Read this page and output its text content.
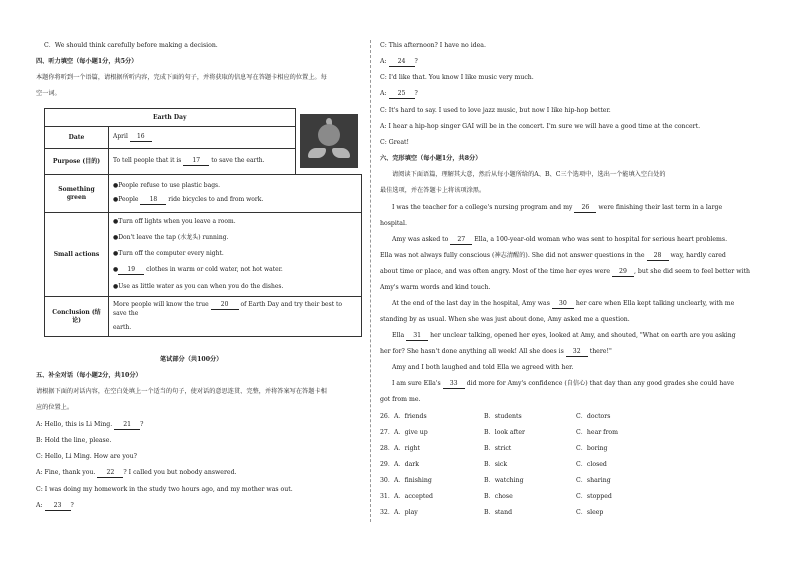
C．We should think carefully before making a decision.
四、听力填空（每小题1分，共5分）
本题你将听到一个语篇，请根据所听内容，完成下面的句子，并将获取的信息写在答题卡相应的位置上。每
空一词。
Earth Day		

Date	April 16	
Purpose (目的)	To tell people that it is 17 to save the earth.	
Something green	●People refuse to use plastic bags.
●People 18 ride bicycles to and from work.	

Small actions	●Turn off lights when you leave a room.
●Don't leave the tap (水龙头) running.
●Turn off the computer every night.
● 19 clothes in warm or cold water, not hot water.
●Use as little water as you can when you do the dishes.	

Conclusion (结论)	More people will know the true 20 of Earth Day and try their best to save the
earth.	
笔试部分（共100分）
五、补全对话（每小题2分，共10分）
请根据下面的对话内容，在空白处填上一个适当的句子，使对话的意思连贯、完整，并将答案写在答题卡相
应的位置上。
A: Hello, this is Li Ming. 21 ?
B: Hold the line, please.
C: Hello, Li Ming. How are you?
A: Fine, thank you. 22 ? I called you but nobody answered.
C: I was doing my homework in the study two hours ago, and my mother was out.
A: 23 ?
C: This afternoon? I have no idea.
A: 24 ?
C: I'd like that. You know I like music very much.
A: 25 ?
C: It's hard to say. I used to love jazz music, but now I like hip-hop better.
A: I hear a hip-hop singer GAI will be in the concert. I'm sure we will have a good time at the concert.
C: Great!
六、完形填空（每小题1分，共8分）
请阅读下面语篇，理解其大意，然后从每小题所给的A、B、C三个选项中，选出一个能填入空白处的
最佳选项，并在答题卡上将该项涂黑。
I was the teacher for a college's nursing program and my 26 were finishing their last term in a large
hospital.
Amy was asked to 27 Ella, a 100-year-old woman who was sent to hospital for serious heart problems.
Ella was not always fully conscious (神志清醒的). She did not answer questions in the 28 way, hardly cared
about time or place, and was often angry. Most of the time her eyes were 29 , but she did seem to feel better with
Amy's warm words and kind touch.
At the end of the last day in the hospital, Amy was 30 her care when Ella kept talking unclearly, with me
standing by as usual. When she was just about done, Amy asked me a question.
Ella 31 her unclear talking, opened her eyes, looked at Amy, and shouted, "What on earth are you asking
her for? She hasn't done anything all week! All she does is 32 there!"
Amy and I both laughed and told Ella we agreed with her.
I am sure Ella's 33 did more for Amy's confidence (自信心) that day than any good grades she could have
got from me.
26． A．friends	B．students	C．doctors
27． A．give up	B．look after	C．hear from
28． A．right	B．strict	C．boring
29． A．dark	B．sick	C．closed
30． A．finishing	B．watching	C．sharing
31． A．accepted	B．chose	C．stopped
32． A．play	B．stand	C．sleep
